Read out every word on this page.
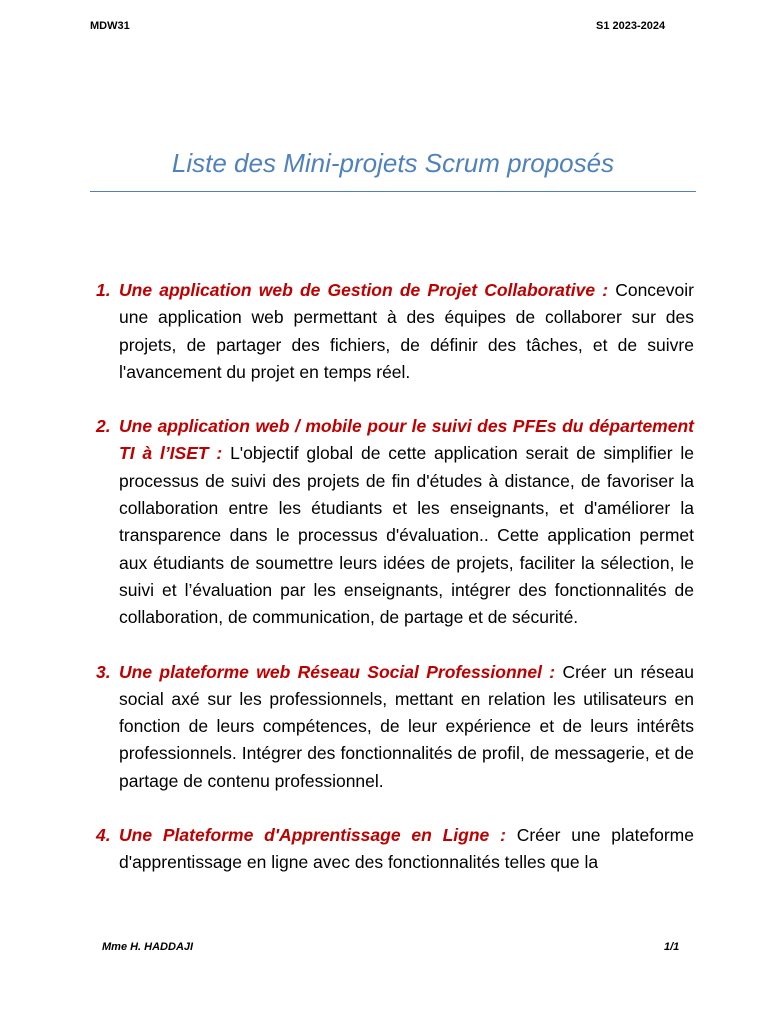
MDW31	S1 2023-2024
Liste des Mini-projets Scrum proposés
1. Une application web de Gestion de Projet Collaborative : Concevoir une application web permettant à des équipes de collaborer sur des projets, de partager des fichiers, de définir des tâches, et de suivre l'avancement du projet en temps réel.
2. Une application web / mobile pour le suivi des PFEs du département TI à l’ISET : L'objectif global de cette application serait de simplifier le processus de suivi des projets de fin d'études à distance, de favoriser la collaboration entre les étudiants et les enseignants, et d'améliorer la transparence dans le processus d'évaluation.. Cette application permet aux étudiants de soumettre leurs idées de projets, faciliter la sélection, le suivi et l’évaluation par les enseignants, intégrer des fonctionnalités de collaboration, de communication, de partage et de sécurité.
3. Une plateforme web Réseau Social Professionnel : Créer un réseau social axé sur les professionnels, mettant en relation les utilisateurs en fonction de leurs compétences, de leur expérience et de leurs intérêts professionnels. Intégrer des fonctionnalités de profil, de messagerie, et de partage de contenu professionnel.
4. Une Plateforme d'Apprentissage en Ligne : Créer une plateforme d'apprentissage en ligne avec des fonctionnalités telles que la
Mme H. HADDAJI	1/1
